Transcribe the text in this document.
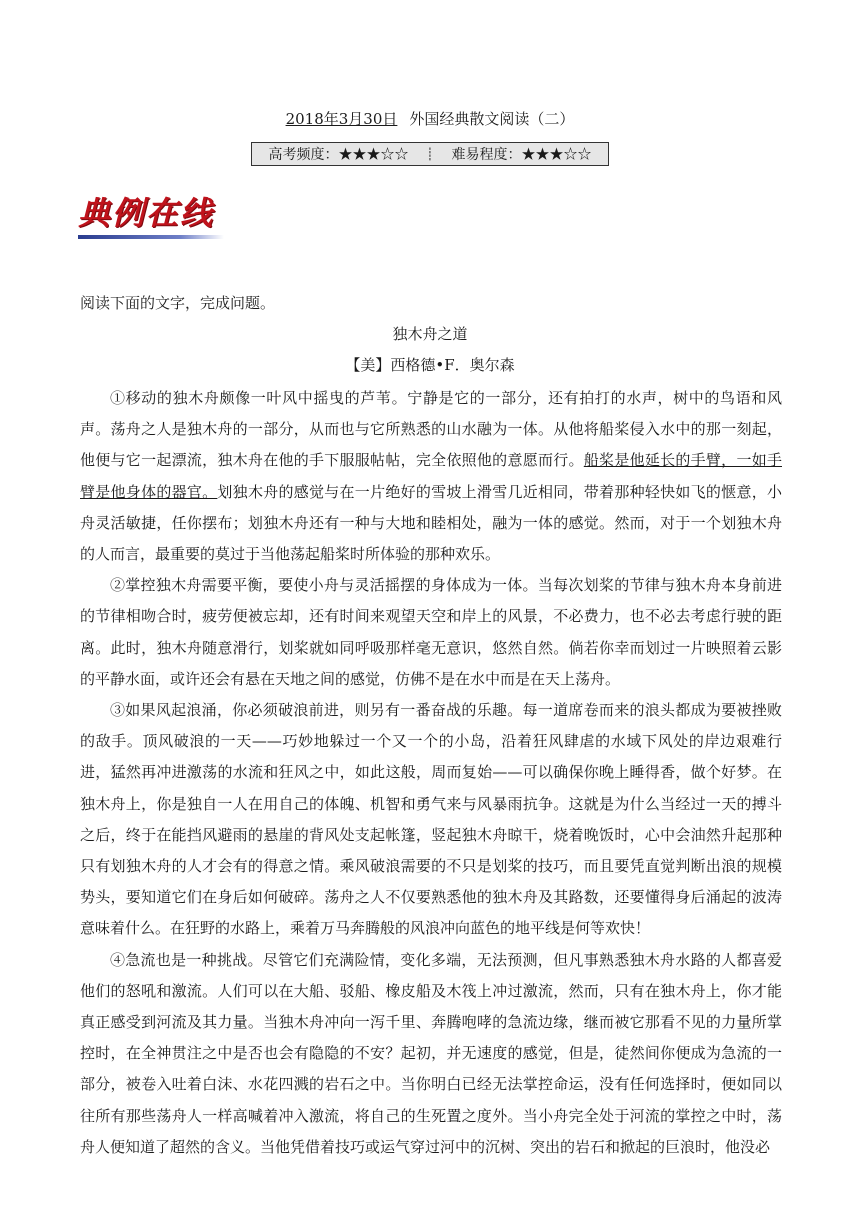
2018年3月30日 外国经典散文阅读（二）
高考频度：★★★☆☆	┊	难易程度：★★★☆☆
典例在线
阅读下面的文字，完成问题。
独木舟之道
【美】西格德•F．奥尔森

①移动的独木舟颇像一叶风中摇曳的芦苇。宁静是它的一部分，还有拍打的水声，树中的鸟语和风声。荡舟之人是独木舟的一部分，从而也与它所熟悉的山水融为一体。从他将船桨侵入水中的那一刻起，他便与它一起漂流，独木舟在他的手下服服帖帖，完全依照他的意愿而行。船桨是他延长的手臂，一如手臂是他身体的器官。划独木舟的感觉与在一片绝好的雪坡上滑雪几近相同，带着那种轻快如飞的惬意，小舟灵活敏捷，任你摆布；划独木舟还有一种与大地和睦相处，融为一体的感觉。然而，对于一个划独木舟的人而言，最重要的莫过于当他荡起船桨时所体验的那种欢乐。

②掌控独木舟需要平衡，要使小舟与灵活摇摆的身体成为一体。当每次划桨的节律与独木舟本身前进的节律相吻合时，疲劳便被忘却，还有时间来观望天空和岸上的风景，不必费力，也不必去考虑行驶的距离。此时，独木舟随意滑行，划桨就如同呼吸那样毫无意识，悠然自然。倘若你幸而划过一片映照着云影的平静水面，或许还会有悬在天地之间的感觉，仿佛不是在水中而是在天上荡舟。

③如果风起浪涌，你必须破浪前进，则另有一番奋战的乐趣。每一道席卷而来的浪头都成为要被挫败的敌手。顶风破浪的一天——巧妙地躲过一个又一个的小岛，沿着狂风肆虐的水域下风处的岸边艰难行进，猛然再冲进激荡的水流和狂风之中，如此这般，周而复始——可以确保你晚上睡得香，做个好梦。在独木舟上，你是独自一人在用自己的体魄、机智和勇气来与风暴雨抗争。这就是为什么当经过一天的搏斗之后，终于在能挡风避雨的悬崖的背风处支起帐篷，竖起独木舟晾干，烧着晚饭时，心中会油然升起那种只有划独木舟的人才会有的得意之情。乘风破浪需要的不只是划桨的技巧，而且要凭直觉判断出浪的规模势头，要知道它们在身后如何破碎。荡舟之人不仅要熟悉他的独木舟及其路数，还要懂得身后涌起的波涛意味着什么。在狂野的水路上，乘着万马奔腾般的风浪冲向蓝色的地平线是何等欢快！

④急流也是一种挑战。尽管它们充满险情，变化多端，无法预测，但凡事熟悉独木舟水路的人都喜爱他们的怒吼和激流。人们可以在大船、驳船、橡皮船及木筏上冲过激流，然而，只有在独木舟上，你才能真正感受到河流及其力量。当独木舟冲向一泻千里、奔腾咆哮的急流边缘，继而被它那看不见的力量所掌控时，在全神贯注之中是否也会有隐隐的不安？起初，并无速度的感觉，但是，徒然间你便成为急流的一部分，被卷入吐着白沫、水花四溅的岩石之中。当你明白已经无法掌控命运，没有任何选择时，便如同以往所有那些荡舟人一样高喊着冲入激流，将自己的生死置之度外。当小舟完全处于河流的掌控之中时，荡舟人便知道了超然的含义。当他凭借着技巧或运气穿过河中的沉树、突出的岩石和掀起的巨浪时，他没必
